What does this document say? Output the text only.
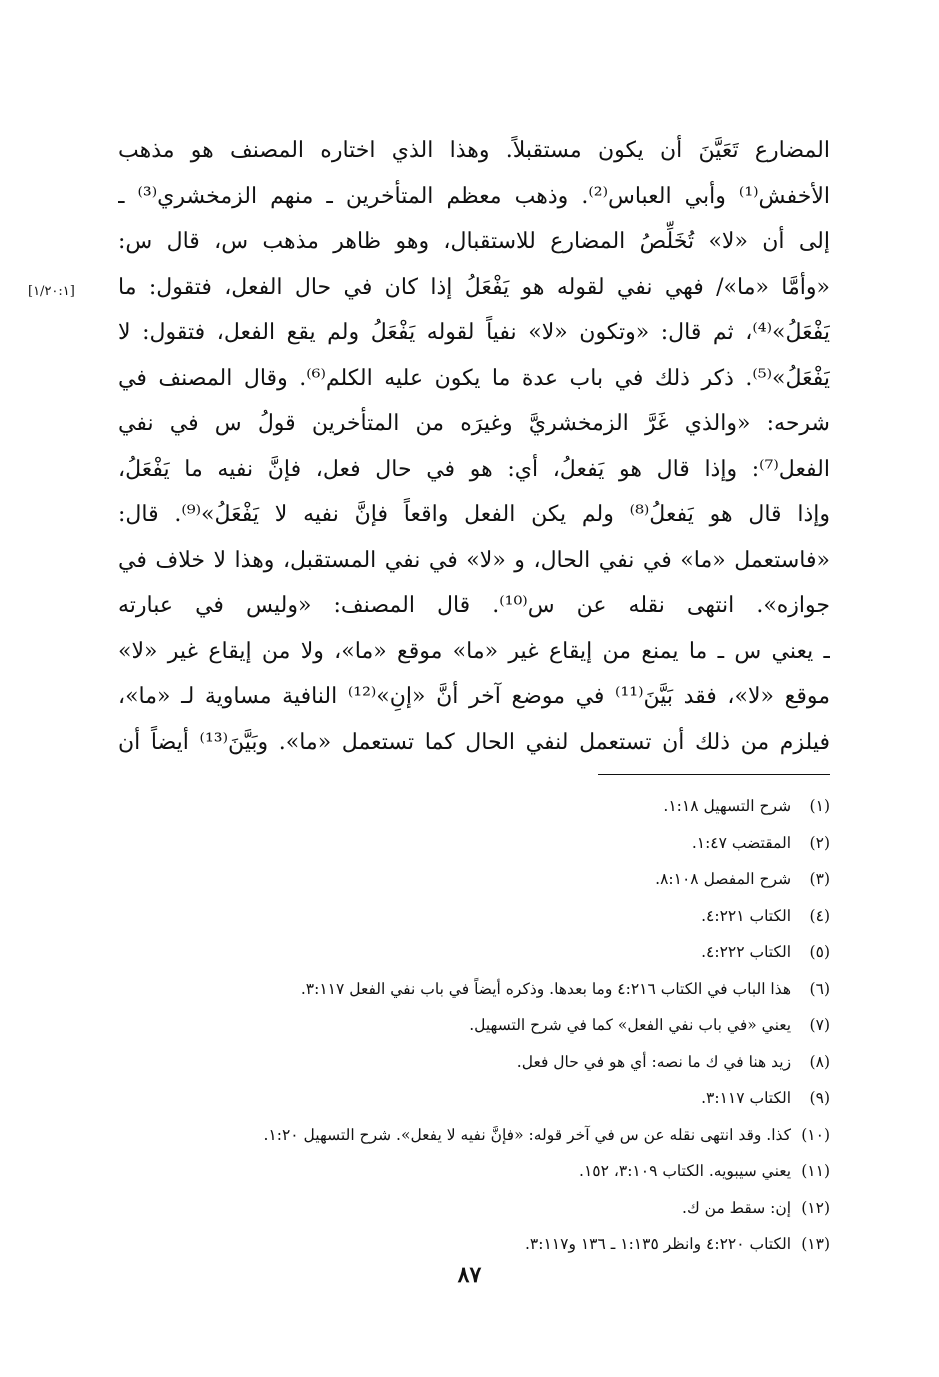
المضارع تَعَيَّنَ أن يكون مستقبلاً. وهذا الذي اختاره المصنف هو مذهب
الأخفش⁽¹⁾ وأبي العباس⁽²⁾. وذهب معظم المتأخرين ـ منهم الزمخشري⁽³⁾ ـ
إلى أن «لا» تُخَلِّصُ المضارع للاستقبال، وهو ظاهر مذهب س، قال س:
«وأمَّا «ما»/ فهي نفي لقوله هو يَفْعَلُ إذا كان في حال الفعل، فتقول: ما
يَفْعَلُ»⁽⁴⁾، ثم قال: «وتكون «لا» نفياً لقوله يَفْعَلُ ولم يقع الفعل، فتقول: لا
يَفْعَلُ»⁽⁵⁾. ذكر ذلك في باب عدة ما يكون عليه الكلم⁽⁶⁾. وقال المصنف في
شرحه: «والذي غَرَّ الزمخشريَّ وغيرَه من المتأخرين قولُ س في نفي
الفعل⁽⁷⁾: وإذا قال هو يَفعلُ، أي: هو في حال فعل، فإنَّ نفيه ما يَفْعَلُ،
وإذا قال هو يَفعلُ⁽⁸⁾ ولم يكن الفعل واقعاً فإنَّ نفيه لا يَفْعَلُ»⁽⁹⁾. قال:
«فاستعمل «ما» في نفي الحال، و «لا» في نفي المستقبل، وهذا لا خلاف في
جوازه». انتهى نقله عن س⁽¹⁰⁾. قال المصنف: «وليس في عبارته
ـ يعني س ـ ما يمنع من إيقاع غير «ما» موقع «ما»، ولا من إيقاع غير «لا»
موقع «لا»، فقد بَيَّنَ⁽¹¹⁾ في موضع آخر أنَّ «إنِ»⁽¹²⁾ النافية مساوية لـ «ما»،
فيلزم من ذلك أن تستعمل لنفي الحال كما تستعمل «ما». وبَيَّنَ⁽¹³⁾ أيضاً أن
[١/٢٠:١]
(١) شرح التسهيل ١:١٨.
(٢) المقتضب ١:٤٧.
(٣) شرح المفصل ٨:١٠٨.
(٤) الكتاب ٤:٢٢١.
(٥) الكتاب ٤:٢٢٢.
(٦) هذا الباب في الكتاب ٤:٢١٦ وما بعدها. وذكره أيضاً في باب نفي الفعل ٣:١١٧.
(٧) يعني «في باب نفي الفعل» كما في شرح التسهيل.
(٨) زيد هنا في ك ما نصه: أي هو في حال فعل.
(٩) الكتاب ٣:١١٧.
(١٠) كذا. وقد انتهى نقله عن س في آخر قوله: «فإنَّ نفيه لا يفعل». شرح التسهيل ١:٢٠.
(١١) يعني سيبويه. الكتاب ٣:١٠٩، ١٥٢.
(١٢) إن: سقط من ك.
(١٣) الكتاب ٤:٢٢٠ وانظر ١:١٣٥ ـ ١٣٦ و٣:١١٧.
٨٧
